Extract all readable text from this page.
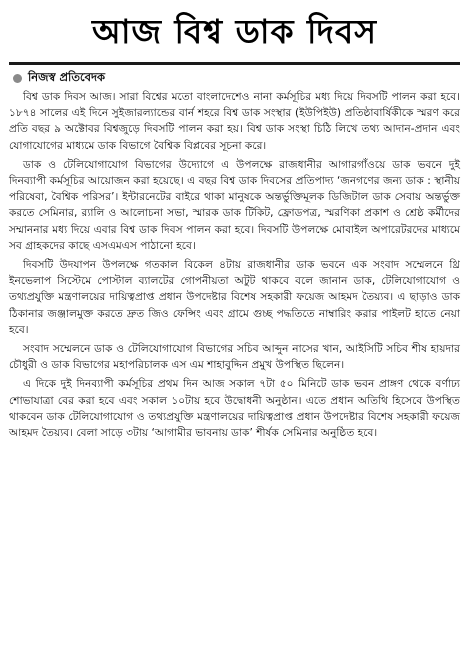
আজ বিশ্ব ডাক দিবস
নিজস্ব প্রতিবেদক

বিশ্ব ডাক দিবস আজ। সারা বিশ্বের মতো বাংলাদেশেও নানা কর্মসূচির মধ্য দিয়ে দিবসটি পালন করা হবে। ১৮৭৪ সালের এই দিনে সুইজারল্যান্ডের বার্ন শহরে বিশ্ব ডাক সংস্থার (ইউপিইউ) প্রতিষ্ঠাবার্ষিকীকে স্মরণ করে প্রতি বছর ৯ অক্টোবর বিশ্বজুড়ে দিবসটি পালন করা হয়। বিশ্ব ডাক সংস্থা চিঠি লিখে তথ্য আদান-প্রদান এবং যোগাযোগের মাধ্যমে ডাক বিভাগে বৈশ্বিক বিপ্লবের সূচনা করে।

ডাক ও টেলিযোগাযোগ বিভাগের উদ্যোগে এ উপলক্ষে রাজধানীর আগারগাঁওয়ে ডাক ভবনে দুই দিনব্যাপী কর্মসূচির আয়োজন করা হয়েছে। এ বছর বিশ্ব ডাক দিবসের প্রতিপাদ্য ‘জনগণের জন্য ডাক : স্থানীয় পরিষেবা, বৈশ্বিক পরিসর’। ইন্টারনেটের বাইরে থাকা মানুষকে অন্তর্ভুক্তিমূলক ডিজিটাল ডাক সেবায় অন্তর্ভুক্ত করতে সেমিনার, র‍্যালি ও আলোচনা সভা, স্মারক ডাক টিকিট, ফ্রোডপত্র, স্মরণিকা প্রকাশ ও শ্রেষ্ঠ কর্মীদের সম্মাননার মধ্য দিয়ে এবার বিশ্ব ডাক দিবস পালন করা হবে। দিবসটি উপলক্ষে মোবাইল অপারেটরদের মাধ্যমে সব গ্রাহকদের কাছে এসএমএস পাঠানো হবে।

দিবসটি উদযাপন উপলক্ষে গতকাল বিকেল ৪টায় রাজধানীর ডাক ভবনে এক সংবাদ সম্মেলনে থ্রি ইনভেলাপ সিস্টেমে পোস্টাল ব্যালটের গোপনীয়তা অটুট থাকবে বলে জানান ডাক, টেলিযোগাযোগ ও তথ্যপ্রযুক্তি মন্ত্রণালয়ের দায়িত্বপ্রাপ্ত প্রধান উপদেষ্টার বিশেষ সহকারী ফয়েজ আহমদ তৈয়্যব। এ ছাড়াও ডাক ঠিকানার জঞ্জালমুক্ত করতে দ্রুত জিও ফেন্সিং এবং গ্রামে গুচ্ছ পদ্ধতিতে নাম্বারিং করার পাইলট হাতে নেয়া হবে।

সংবাদ সম্মেলনে ডাক ও টেলিযোগাযোগ বিভাগের সচিব আব্দুন নাসের খান, আইসিটি সচিব শীষ হায়দার চৌধুরী ও ডাক বিভাগের মহাপরিচালক এস এম শাহাবুদ্দিন প্রমুখ উপস্থিত ছিলেন।

এ দিকে দুই দিনব্যাপী কর্মসূচির প্রথম দিন আজ সকাল ৭টা ৫০ মিনিটে ডাক ভবন প্রাঙ্গণ থেকে বর্ণাঢ্য শোভাযাত্রা বের করা হবে এবং সকাল ১০টায় হবে উদ্বোধনী অনুষ্ঠান। এতে প্রধান অতিথি হিসেবে উপস্থিত থাকবেন ডাক টেলিযোগাযোগ ও তথ্যপ্রযুক্তি মন্ত্রণালয়ের দায়িত্বপ্রাপ্ত প্রধান উপদেষ্টার বিশেষ সহকারী ফয়েজ আহমদ তৈয়্যব। বেলা সাড়ে ৩টায় ‘আগামীর ভাবনায় ডাক’ শীর্ষক সেমিনার অনুষ্ঠিত হবে।
